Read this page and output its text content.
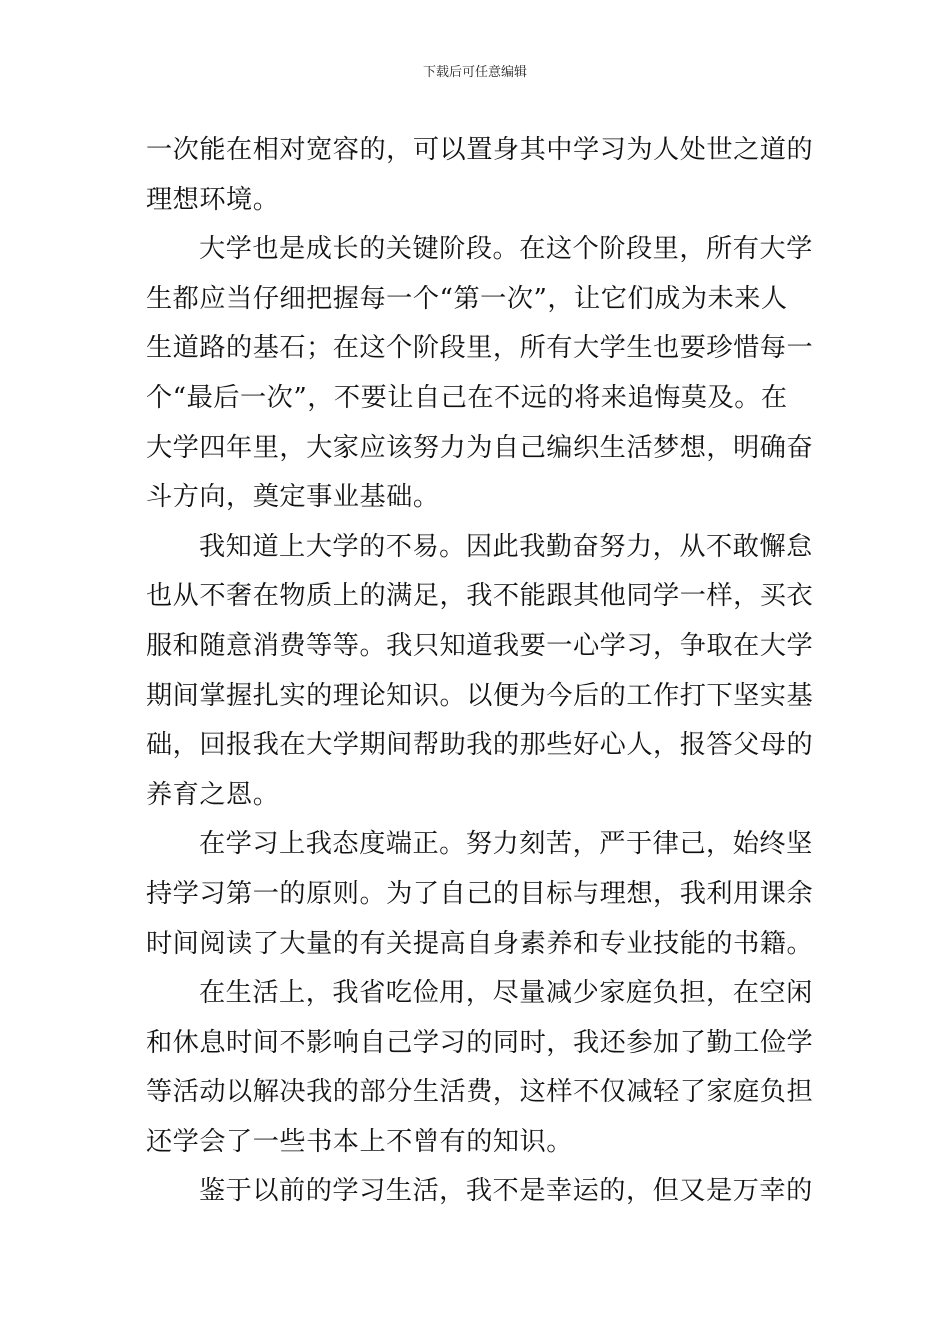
下载后可任意编辑

一次能在相对宽容的，可以置身其中学习为人处世之道的
理想环境。

大学也是成长的关键阶段。在这个阶段里，所有大学
生都应当仔细把握每一个“第一次”，让它们成为未来人
生道路的基石；在这个阶段里，所有大学生也要珍惜每一
个“最后一次”，不要让自己在不远的将来追悔莫及。在
大学四年里，大家应该努力为自己编织生活梦想，明确奋
斗方向，奠定事业基础。

我知道上大学的不易。因此我勤奋努力，从不敢懈怠
也从不奢在物质上的满足，我不能跟其他同学一样，买衣
服和随意消费等等。我只知道我要一心学习，争取在大学
期间掌握扎实的理论知识。以便为今后的工作打下坚实基
础，回报我在大学期间帮助我的那些好心人，报答父母的
养育之恩。

在学习上我态度端正。努力刻苦，严于律己，始终坚
持学习第一的原则。为了自己的目标与理想，我利用课余
时间阅读了大量的有关提高自身素养和专业技能的书籍。

在生活上，我省吃俭用，尽量减少家庭负担，在空闲
和休息时间不影响自己学习的同时，我还参加了勤工俭学
等活动以解决我的部分生活费，这样不仅减轻了家庭负担
还学会了一些书本上不曾有的知识。

鉴于以前的学习生活，我不是幸运的，但又是万幸的
